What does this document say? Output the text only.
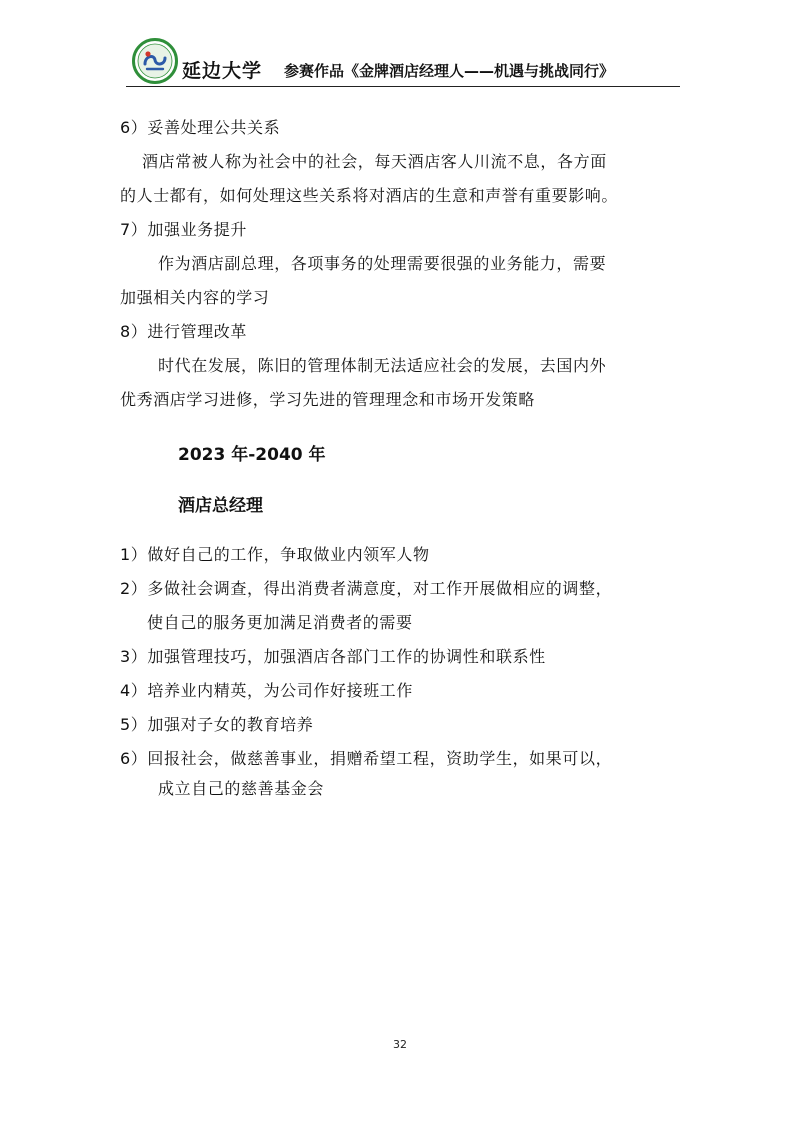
延边大学 参赛作品《金牌酒店经理人——机遇与挑战同行》
6）妥善处理公共关系
酒店常被人称为社会中的社会，每天酒店客人川流不息，各方面
的人士都有，如何处理这些关系将对酒店的生意和声誉有重要影响。
7）加强业务提升
作为酒店副总理，各项事务的处理需要很强的业务能力，需要
加强相关内容的学习
8）进行管理改革
时代在发展，陈旧的管理体制无法适应社会的发展，去国内外
优秀酒店学习进修，学习先进的管理理念和市场开发策略
2023 年-2040 年
酒店总经理
1）做好自己的工作，争取做业内领军人物
2）多做社会调查，得出消费者满意度，对工作开展做相应的调整，
使自己的服务更加满足消费者的需要
3）加强管理技巧，加强酒店各部门工作的协调性和联系性
4）培养业内精英，为公司作好接班工作
5）加强对子女的教育培养
6）回报社会，做慈善事业，捐赠希望工程，资助学生，如果可以，
成立自己的慈善基金会
32
